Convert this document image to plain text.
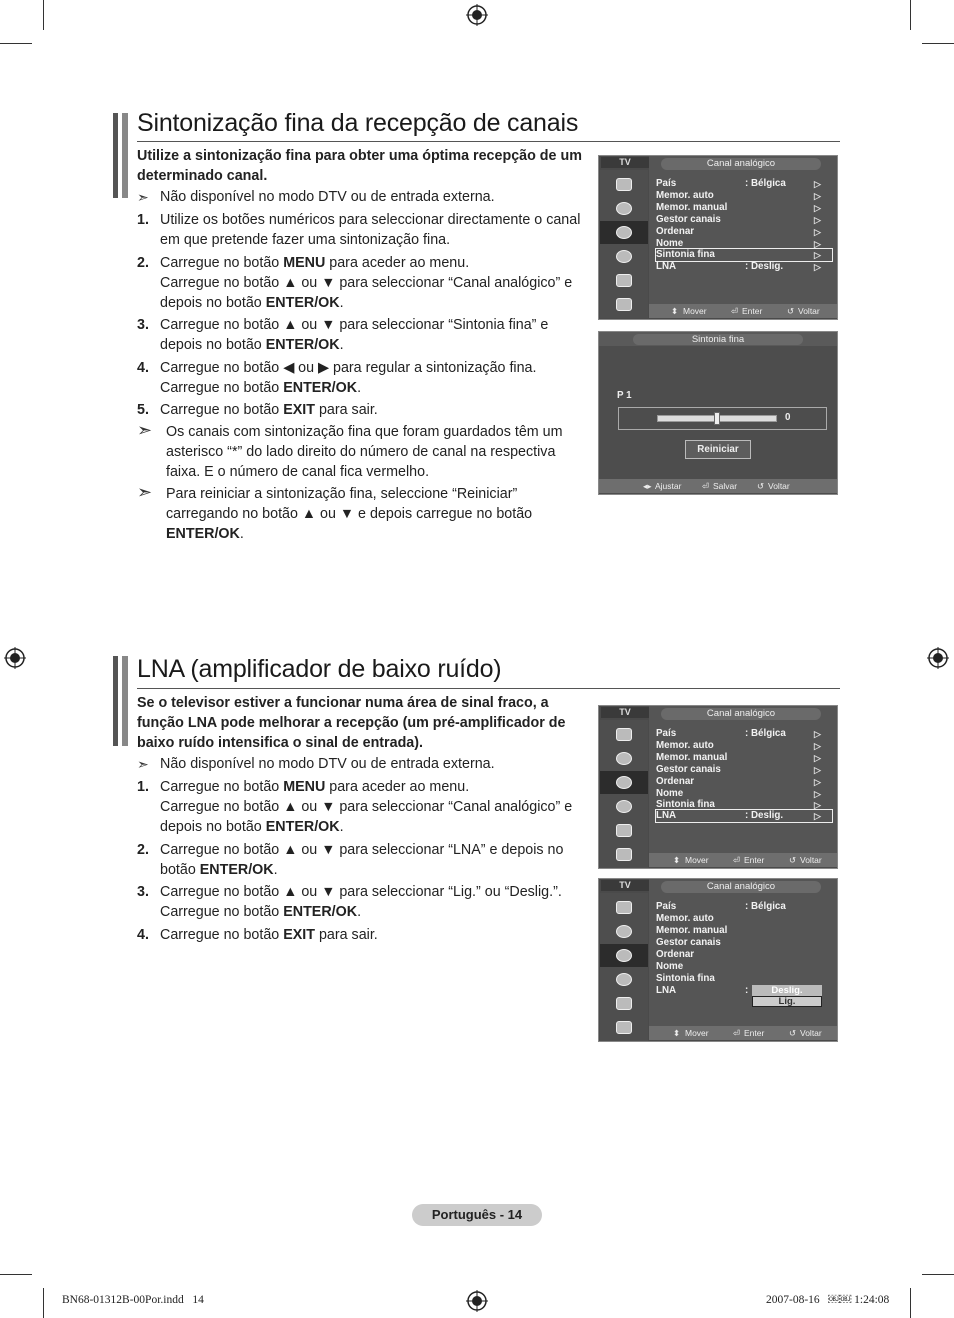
Sintonização fina da recepção de canais
Utilize a sintonização fina para obter uma óptima recepção de um determinado canal.
➣ Não disponível no modo DTV ou de entrada externa.
1. Utilize os botões numéricos para seleccionar directamente o canal em que pretende fazer uma sintonização fina.
2. Carregue no botão MENU para aceder ao menu.
Carregue no botão ▲ ou ▼ para seleccionar “Canal analógico” e depois no botão ENTER/OK.
3. Carregue no botão ▲ ou ▼ para seleccionar “Sintonia fina” e depois no botão ENTER/OK.
4. Carregue no botão ◀ ou ▶ para regular a sintonização fina.
Carregue no botão ENTER/OK.
5. Carregue no botão EXIT para sair.
➣ Os canais com sintonização fina que foram guardados têm um asterisco “*” do lado direito do número de canal na respectiva faixa. E o número de canal fica vermelho.
➣ Para reiniciar a sintonização fina, seleccione “Reiniciar” carregando no botão ▲ ou ▼ e depois carregue no botão ENTER/OK.
TV	Canal analógico
País	: Bélgica	▷
Memor. auto	▷
Memor. manual	▷
Gestor canais	▷
Ordenar	▷
Nome	▷
Sintonia fina	▷
LNA	: Deslig.	▷
⬍ Mover	⏎ Enter	↺ Voltar
Sintonia fina
P 1
0
Reiniciar
◂▸ Ajustar ⏎ Salvar ↺ Voltar
LNA (amplificador de baixo ruído)
Se o televisor estiver a funcionar numa área de sinal fraco, a função LNA pode melhorar a recepção (um pré-amplificador de baixo ruído intensifica o sinal de entrada).
➣ Não disponível no modo DTV ou de entrada externa.
1. Carregue no botão MENU para aceder ao menu.
Carregue no botão ▲ ou ▼ para seleccionar “Canal analógico” e depois no botão ENTER/OK.
2. Carregue no botão ▲ ou ▼ para seleccionar “LNA” e depois no botão ENTER/OK.
3. Carregue no botão ▲ ou ▼ para seleccionar “Lig.” ou “Deslig.”.
Carregue no botão ENTER/OK.
4. Carregue no botão EXIT para sair.
TV	Canal analógico
País	: Bélgica	▷
Memor. auto	▷
Memor. manual	▷
Gestor canais	▷
Ordenar	▷
Nome	▷
Sintonia fina	▷
LNA	: Deslig.	▷
⬍ Mover	⏎ Enter	↺ Voltar
TV	Canal analógico
País	: Bélgica
Memor. auto
Memor. manual
Gestor canais
Ordenar
Nome
Sintonia fina
LNA	:	Deslig.
Lig.
⬍ Mover	⏎ Enter	↺ Voltar
Português - 14
BN68-01312B-00Por.indd   14	2007-08-16   ￼￼ 1:24:08
